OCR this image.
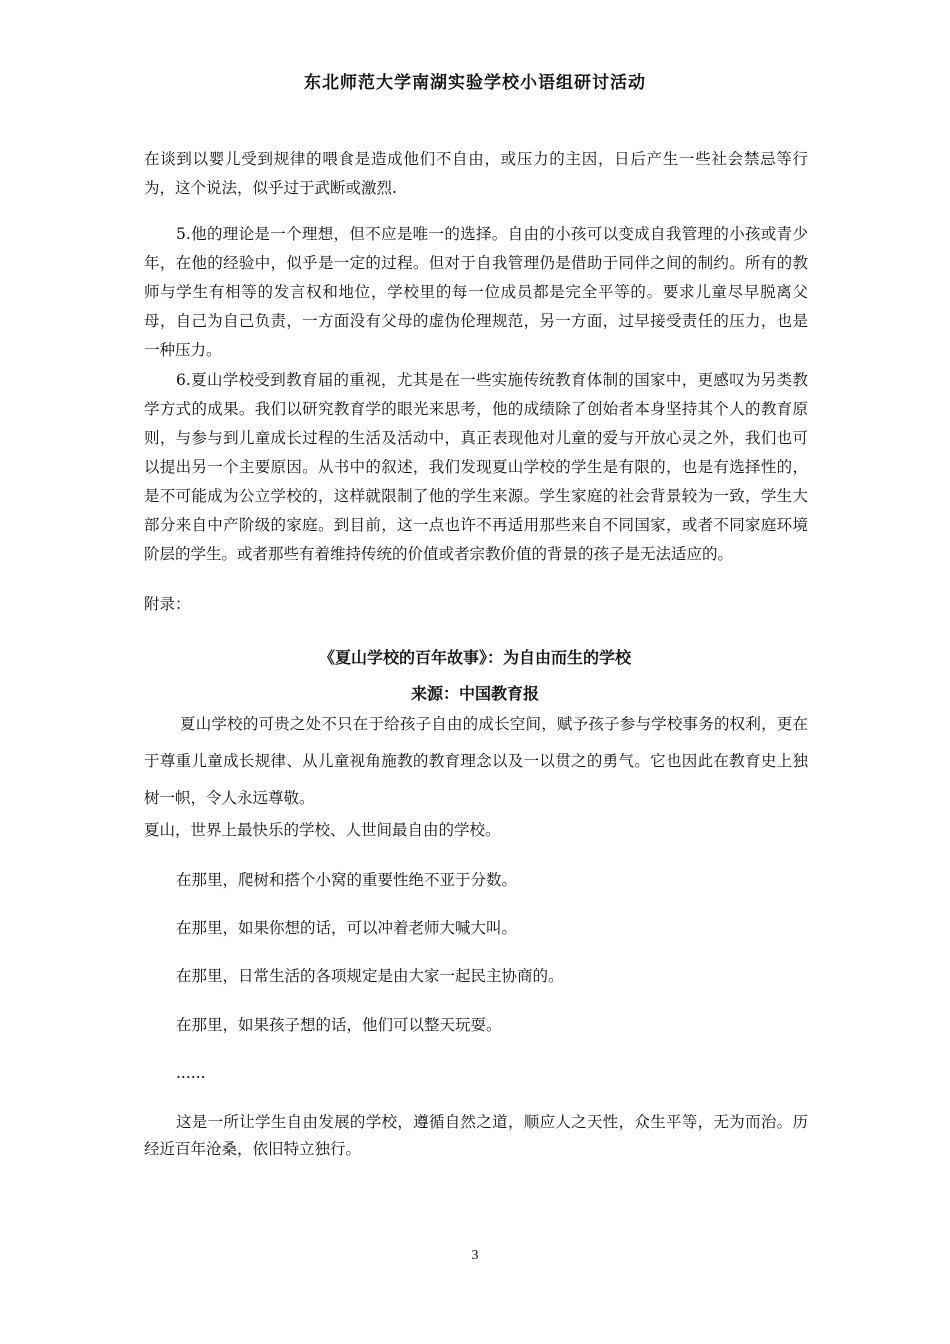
东北师范大学南湖实验学校小语组研讨活动

在谈到以婴儿受到规律的喂食是造成他们不自由，或压力的主因，日后产生一些社会禁忌等行为，这个说法，似乎过于武断或激烈.

5.他的理论是一个理想，但不应是唯一的选择。自由的小孩可以变成自我管理的小孩或青少年，在他的经验中，似乎是一定的过程。但对于自我管理仍是借助于同伴之间的制约。所有的教师与学生有相等的发言权和地位，学校里的每一位成员都是完全平等的。要求儿童尽早脱离父母，自己为自己负责，一方面没有父母的虚伪伦理规范，另一方面，过早接受责任的压力，也是一种压力。

6.夏山学校受到教育届的重视，尤其是在一些实施传统教育体制的国家中，更感叹为另类教学方式的成果。我们以研究教育学的眼光来思考，他的成绩除了创始者本身坚持其个人的教育原则，与参与到儿童成长过程的生活及活动中，真正表现他对儿童的爱与开放心灵之外，我们也可以提出另一个主要原因。从书中的叙述，我们发现夏山学校的学生是有限的，也是有选择性的，是不可能成为公立学校的，这样就限制了他的学生来源。学生家庭的社会背景较为一致，学生大部分来自中产阶级的家庭。到目前，这一点也许不再适用那些来自不同国家，或者不同家庭环境阶层的学生。或者那些有着维持传统的价值或者宗教价值的背景的孩子是无法适应的。

附录：

《夏山学校的百年故事》：为自由而生的学校
来源：中国教育报

夏山学校的可贵之处不只在于给孩子自由的成长空间，赋予孩子参与学校事务的权利，更在于尊重儿童成长规律、从儿童视角施教的教育理念以及一以贯之的勇气。它也因此在教育史上独树一帜，令人永远尊敬。

夏山，世界上最快乐的学校、人世间最自由的学校。
在那里，爬树和搭个小窝的重要性绝不亚于分数。
在那里，如果你想的话，可以冲着老师大喊大叫。
在那里，日常生活的各项规定是由大家一起民主协商的。
在那里，如果孩子想的话，他们可以整天玩耍。
......

这是一所让学生自由发展的学校，遵循自然之道，顺应人之天性，众生平等，无为而治。历经近百年沧桑，依旧特立独行。

3
